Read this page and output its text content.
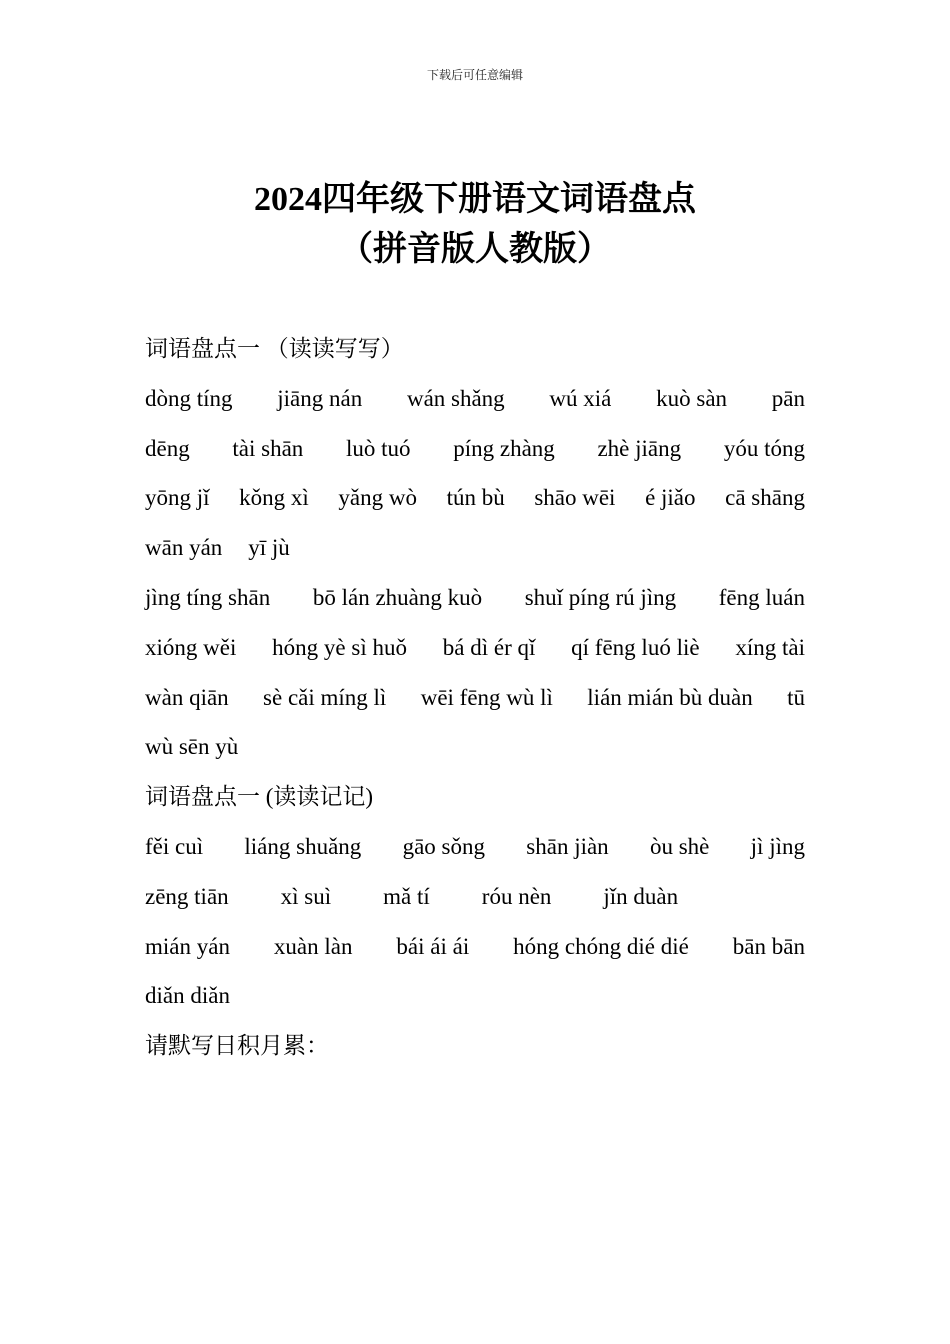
下载后可任意编辑
2024四年级下册语文词语盘点
（拼音版人教版）
词语盘点一 （读读写写）
dòng tíng jiāng nán wán shǎng wú xiá kuò sàn pān
dēng tài shān luò tuó píng zhàng zhè jiāng yóu tóng
yōng jǐ kǒng xì yǎng wò tún bù shāo wēi é jiǎo cā shāng
wān yán yī jù
jìng tíng shān bō lán zhuàng kuò shuǐ píng rú jìng fēng luán
xióng wěi hóng yè sì huǒ bá dì ér qǐ qí fēng luó liè xíng tài
wàn qiān sè cǎi míng lì wēi fēng wù lì lián mián bù duàn tū
wù sēn yù
词语盘点一 (读读记记)
fěi cuì liáng shuǎng gāo sǒng shān jiàn òu shè jì jìng
zēng tiān xì suì mǎ tí róu nèn jǐn duàn
mián yán xuàn làn bái ái ái hóng chóng dié dié bān bān
diǎn diǎn
请默写日积月累：
